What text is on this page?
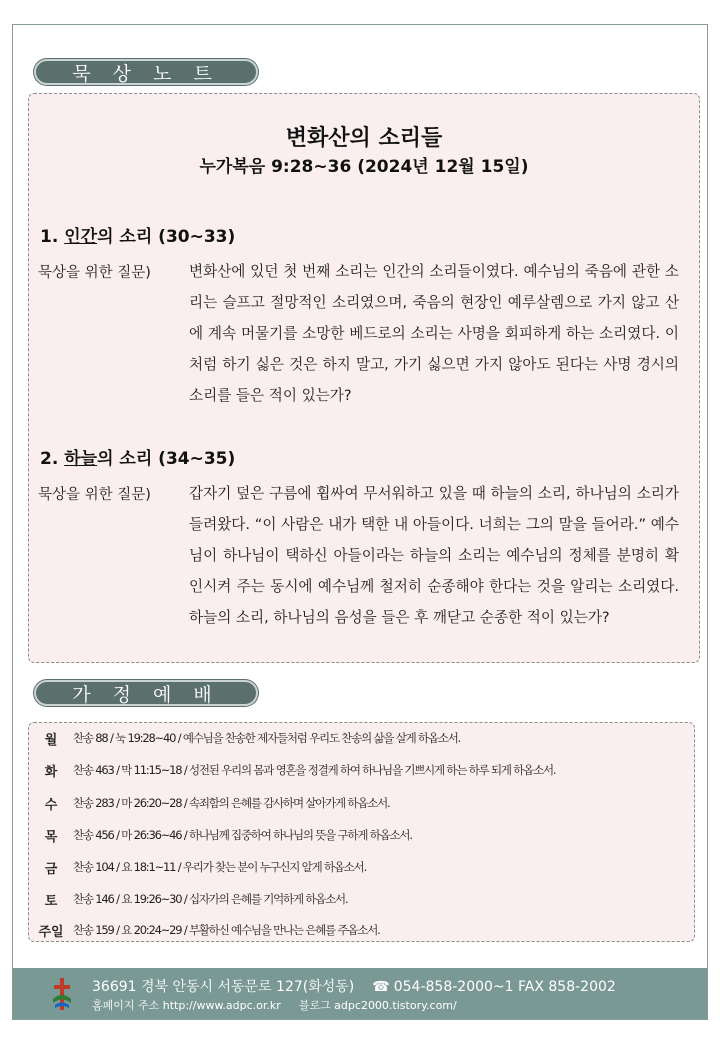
묵 상 노 트
변화산의 소리들
누가복음 9:28~36 (2024년 12월 15일)
1. 인간의 소리 (30~33)
묵상을 위한 질문)	변화산에 있던 첫 번째 소리는 인간의 소리들이였다. 예수님의 죽음에 관한 소리는 슬프고 절망적인 소리였으며, 죽음의 현장인 예루살렘으로 가지 않고 산에 계속 머물기를 소망한 베드로의 소리는 사명을 회피하게 하는 소리였다. 이처럼 하기 싫은 것은 하지 말고, 가기 싫으면 가지 않아도 된다는 사명 경시의 소리를 들은 적이 있는가?
2. 하늘의 소리 (34~35)
묵상을 위한 질문)	갑자기 덮은 구름에 휩싸여 무서워하고 있을 때 하늘의 소리, 하나님의 소리가 들려왔다. “이 사람은 내가 택한 내 아들이다. 너희는 그의 말을 들어라.” 예수님이 하나님이 택하신 아들이라는 하늘의 소리는 예수님의 정체를 분명히 확인시켜 주는 동시에 예수님께 철저히 순종해야 한다는 것을 알리는 소리였다. 하늘의 소리, 하나님의 음성을 들은 후 깨닫고 순종한 적이 있는가?
가 정 예 배
월	찬송 88 / 눅 19:28~40 / 예수님을 찬송한 제자들처럼 우리도 찬송의 삶을 살게 하옵소서.
화	찬송 463 / 막 11:15~18 / 성전된 우리의 몸과 영혼을 정결케 하여 하나님을 기쁘시게 하는 하루 되게 하옵소서.
수	찬송 283 / 마 26:20~28 / 속죄함의 은혜를 감사하며 살아가게 하옵소서.
목	찬송 456 / 마 26:36~46 / 하나님께 집중하여 하나님의 뜻을 구하게 하옵소서.
금	찬송 104 / 요 18:1~11 / 우리가 찾는 분이 누구신지 알게 하옵소서.
토	찬송 146 / 요 19:26~30 / 십자가의 은혜를 기억하게 하옵소서.
주일 찬송 159 / 요 20:24~29 / 부활하신 예수님을 만나는 은혜를 주옵소서.
36691 경북 안동시 서동문로 127(화성동) ☎ 054-858-2000~1 FAX 858-2002
홈페이지 주소 http://www.adpc.or.kr 블로그 adpc2000.tistory.com/
